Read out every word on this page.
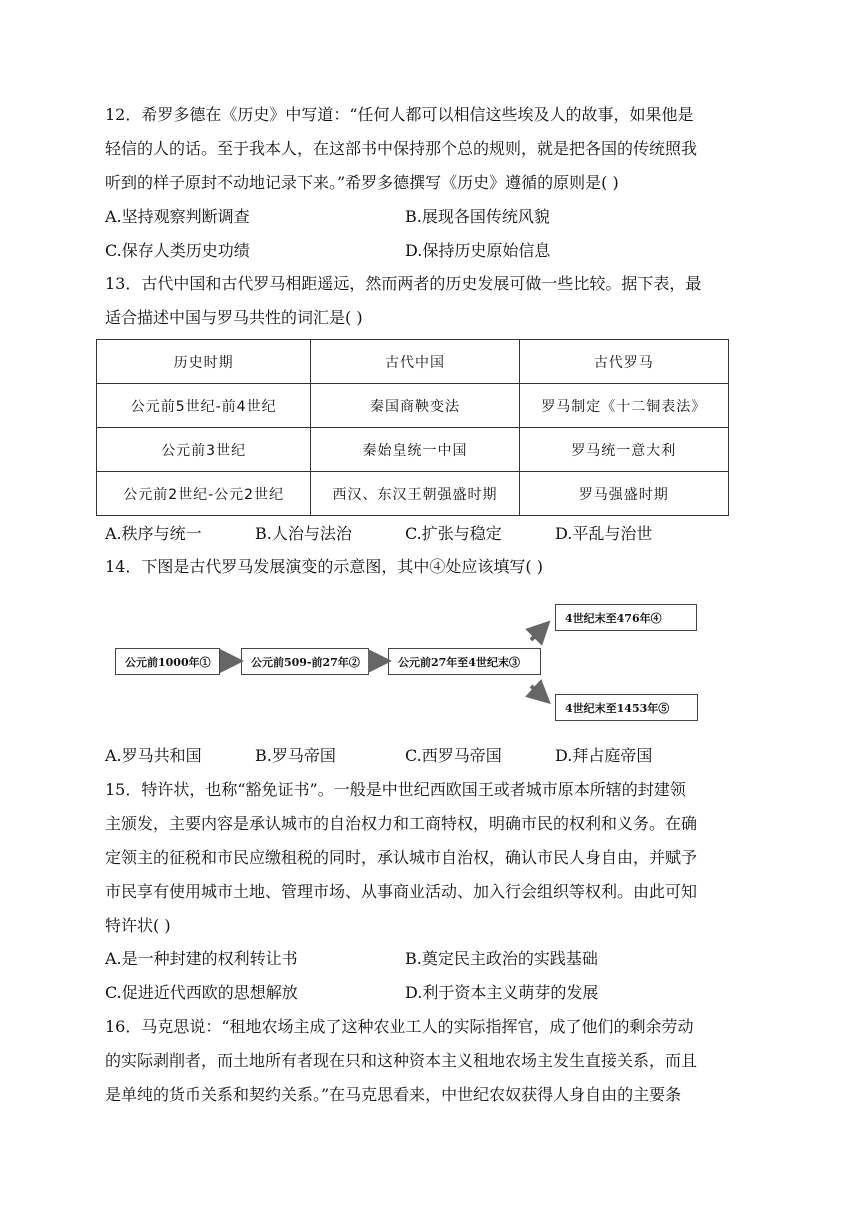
12．希罗多德在《历史》中写道：“任何人都可以相信这些埃及人的故事，如果他是
轻信的人的话。至于我本人，在这部书中保持那个总的规则，就是把各国的传统照我
听到的样子原封不动地记录下来。”希罗多德撰写《历史》遵循的原则是( )
A.坚持观察判断调查	B.展现各国传统风貌
C.保存人类历史功绩	D.保持历史原始信息
13．古代中国和古代罗马相距遥远，然而两者的历史发展可做一些比较。据下表，最
适合描述中国与罗马共性的词汇是( )
历史时期	古代中国	古代罗马
公元前5世纪-前4世纪	秦国商鞅变法	罗马制定《十二铜表法》
公元前3世纪	秦始皇统一中国	罗马统一意大利
公元前2世纪-公元2世纪	西汉、东汉王朝强盛时期	罗马强盛时期
A.秩序与统一	B.人治与法治	C.扩张与稳定	D.平乱与治世
14．下图是古代罗马发展演变的示意图，其中④处应该填写( )
公元前1000年①	公元前509-前27年②	公元前27年至4世纪末③
4世纪末至476年④
4世纪末至1453年⑤
A.罗马共和国	B.罗马帝国	C.西罗马帝国	D.拜占庭帝国
15．特许状，也称“豁免证书”。一般是中世纪西欧国王或者城市原本所辖的封建领
主颁发，主要内容是承认城市的自治权力和工商特权，明确市民的权利和义务。在确
定领主的征税和市民应缴租税的同时，承认城市自治权，确认市民人身自由，并赋予
市民享有使用城市土地、管理市场、从事商业活动、加入行会组织等权利。由此可知
特许状( )
A.是一种封建的权利转让书	B.奠定民主政治的实践基础
C.促进近代西欧的思想解放	D.利于资本主义萌芽的发展
16．马克思说：“租地农场主成了这种农业工人的实际指挥官，成了他们的剩余劳动
的实际剥削者，而土地所有者现在只和这种资本主义租地农场主发生直接关系，而且
是单纯的货币关系和契约关系。”在马克思看来，中世纪农奴获得人身自由的主要条
